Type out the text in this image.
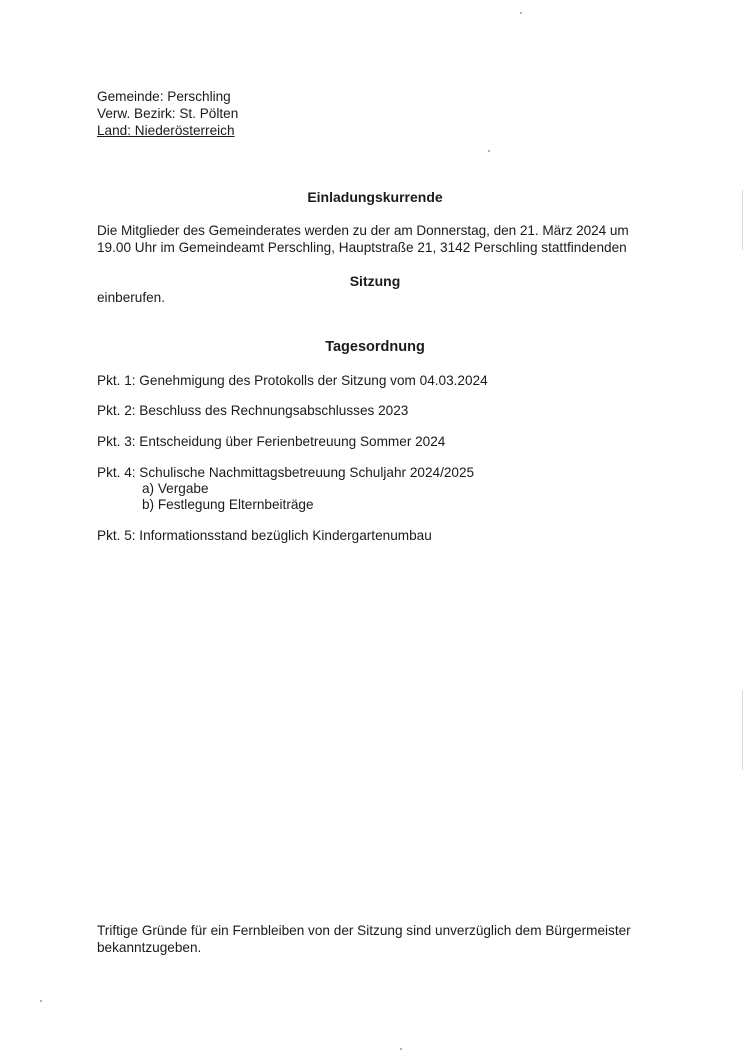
Gemeinde: Perschling
Verw. Bezirk: St. Pölten
Land: Niederösterreich
Einladungskurrende
Die Mitglieder des Gemeinderates werden zu der am Donnerstag, den 21. März 2024 um
19.00 Uhr im Gemeindeamt Perschling, Hauptstraße 21, 3142 Perschling stattfindenden
Sitzung
einberufen.
Tagesordnung
Pkt. 1: Genehmigung des Protokolls der Sitzung vom 04.03.2024
Pkt. 2: Beschluss des Rechnungsabschlusses 2023
Pkt. 3: Entscheidung über Ferienbetreuung Sommer 2024
Pkt. 4: Schulische Nachmittagsbetreuung Schuljahr 2024/2025
a) Vergabe
b) Festlegung Elternbeiträge
Pkt. 5: Informationsstand bezüglich Kindergartenumbau
Triftige Gründe für ein Fernbleiben von der Sitzung sind unverzüglich dem Bürgermeister
bekanntzugeben.
